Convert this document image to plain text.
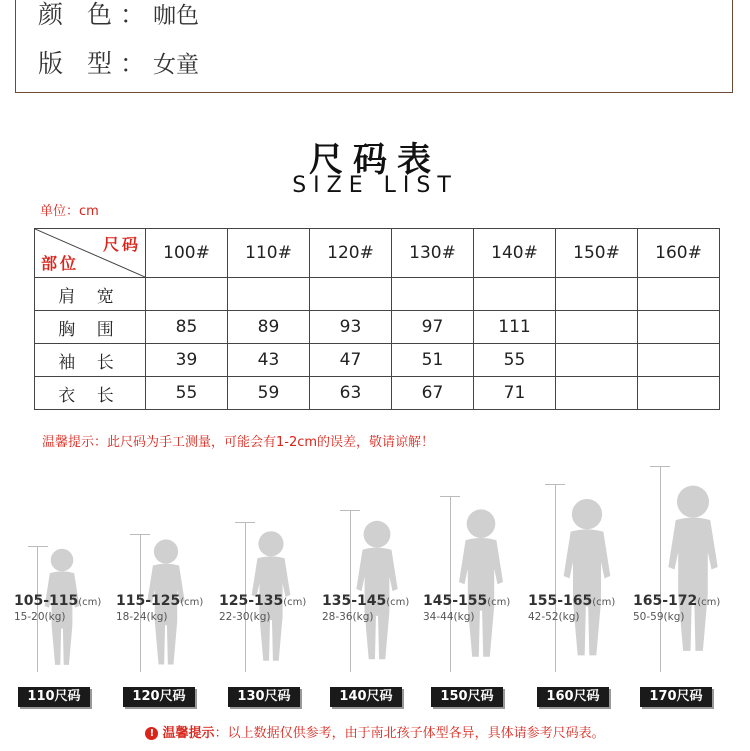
颜 色：咖色
版 型：女童
尺码表
SIZE LIST
单位：cm
尺码
部位	100#	110#	120#	130#	140#	150#	160#
肩 宽							
胸 围	85	89	93	97	111		
袖 长	39	43	47	51	55		
衣 长	55	59	63	67	71		
温馨提示：此尺码为手工测量，可能会有1-2cm的误差，敬请谅解！
105-115(cm)
15-20(kg)
115-125(cm)
18-24(kg)
125-135(cm)
22-30(kg)
135-145(cm)
28-36(kg)
145-155(cm)
34-44(kg)
155-165(cm)
42-52(kg)
165-172(cm)
50-59(kg)
110尺码	120尺码	130尺码	140尺码	150尺码	160尺码	170尺码
! 温馨提示：以上数据仅供参考，由于南北孩子体型各异，具体请参考尺码表。
